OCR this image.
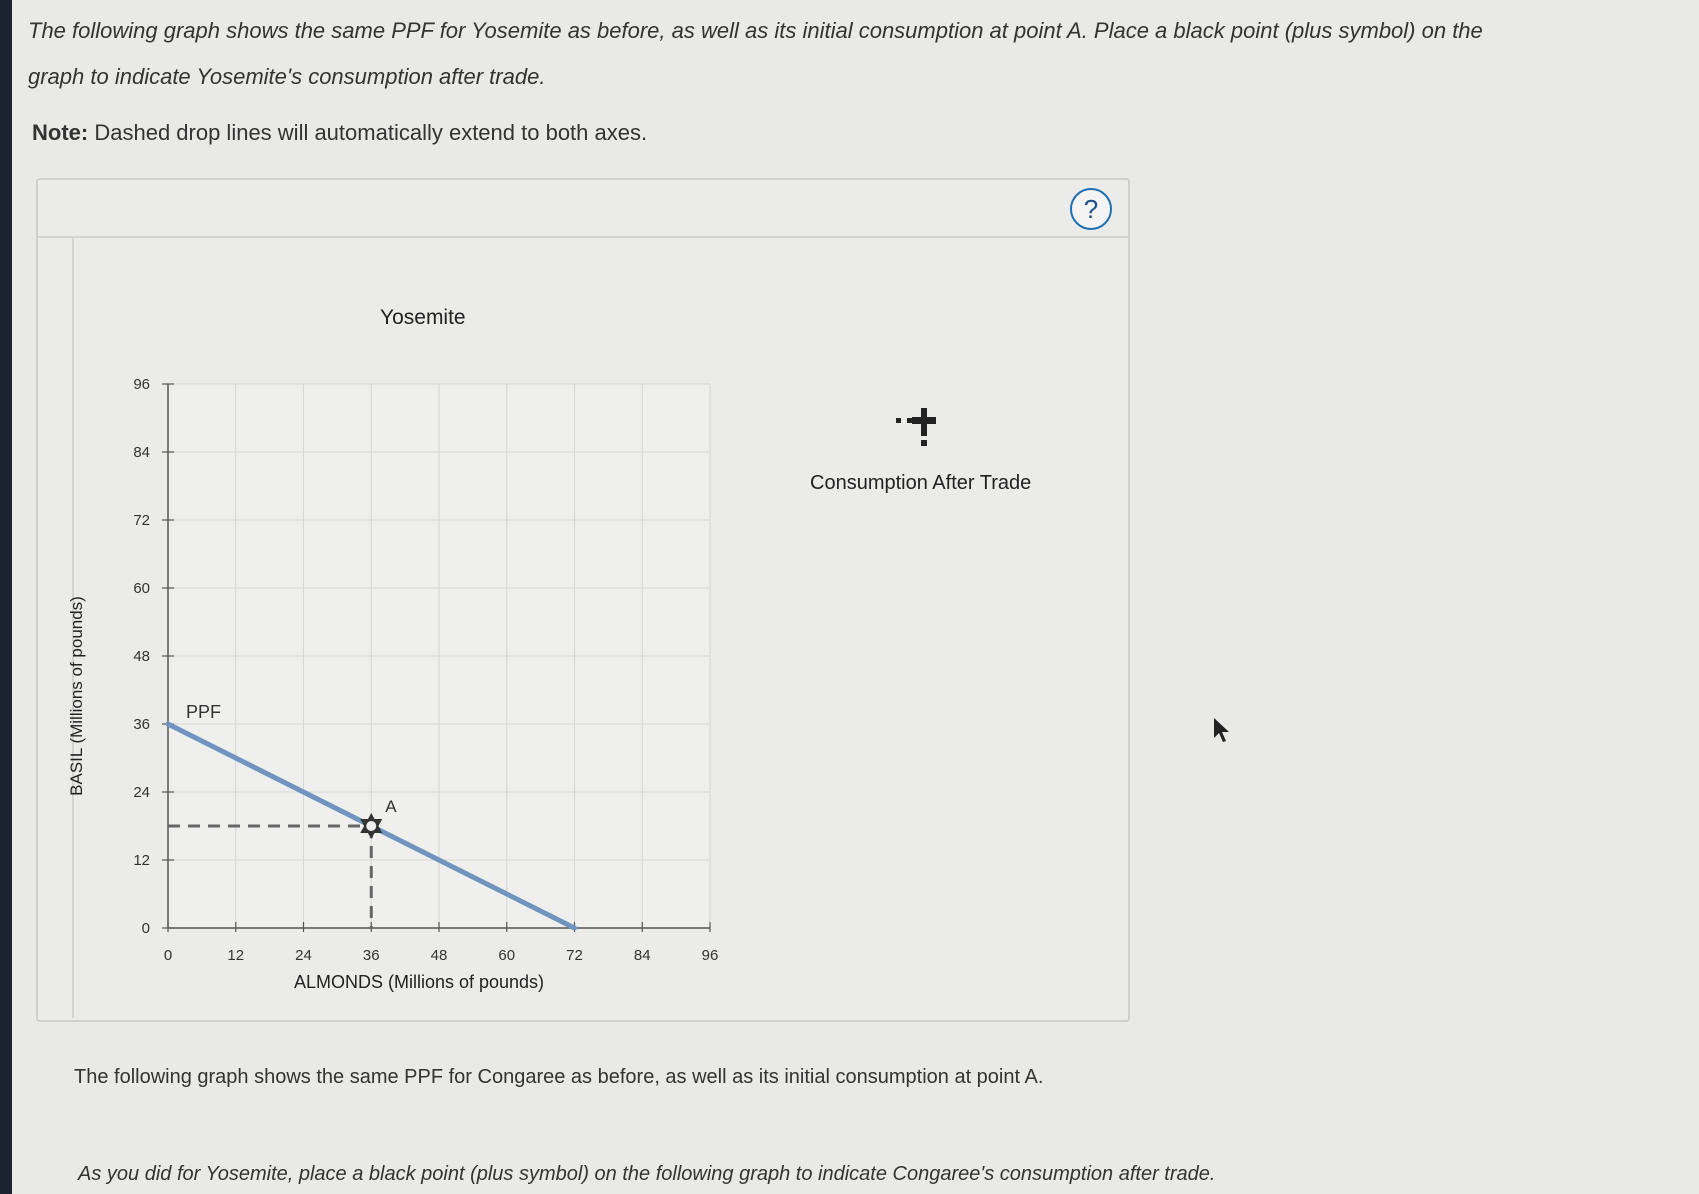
The following graph shows the same PPF for Yosemite as before, as well as its initial consumption at point A. Place a black point (plus symbol) on the
graph to indicate Yosemite's consumption after trade.
Note: Dashed drop lines will automatically extend to both axes.
?
Yosemite
0	12	24	36	48	60	72	84	96
0
12
24
36
48
60
72
84
96
ALMONDS (Millions of pounds)
BASIL (Millions of pounds)	PPF
A
Consumption After Trade
The following graph shows the same PPF for Congaree as before, as well as its initial consumption at point A.
As you did for Yosemite, place a black point (plus symbol) on the following graph to indicate Congaree's consumption after trade.
